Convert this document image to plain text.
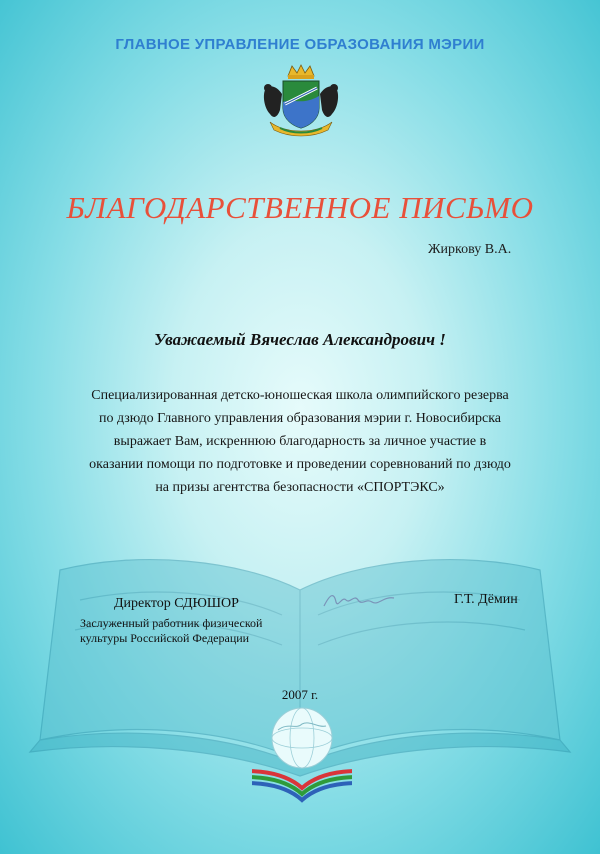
ГЛАВНОЕ УПРАВЛЕНИЕ ОБРАЗОВАНИЯ МЭРИИ
БЛАГОДАРСТВЕННОЕ ПИСЬМО
Жиркову В.А.
Уважаемый Вячеслав Александрович !
Специализированная детско-юношеская школа олимпийского резерва
по дзюдо Главного управления образования мэрии г. Новосибирска
выражает Вам, искреннюю благодарность за личное участие в
оказании помощи по подготовке и проведении соревнований по дзюдо
на призы агентства безопасности «СПОРТЭКС»
Директор СДЮШОР
Заслуженный работник физической
культуры Российской Федерации
Г.Т. Дёмин
2007 г.
